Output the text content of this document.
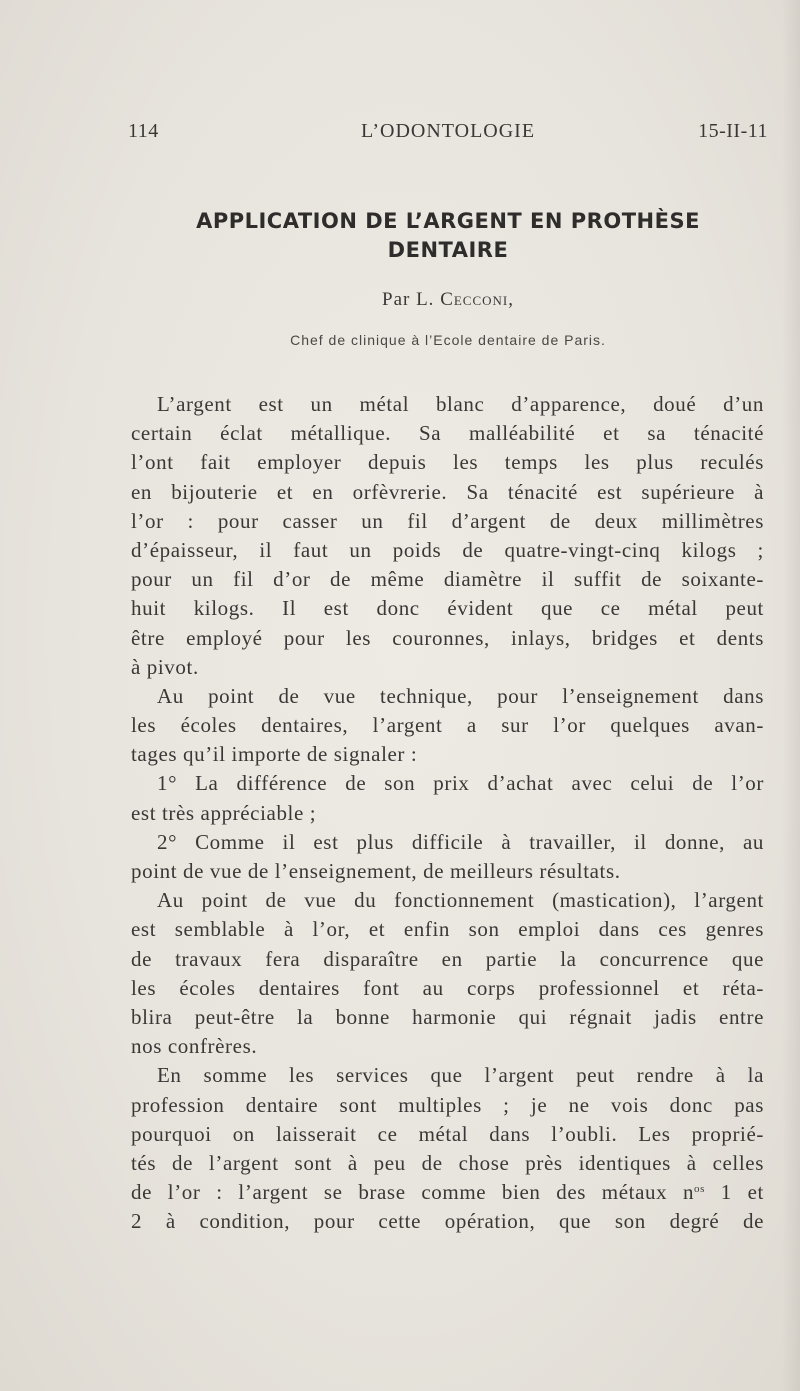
114	L’ODONTOLOGIE	15-II-11
APPLICATION DE L’ARGENT EN PROTHÈSE
DENTAIRE
Par L. Cecconi,
Chef de clinique à l’Ecole dentaire de Paris.
L’argent est un métal blanc d’apparence, doué d’un
certain éclat métallique. Sa malléabilité et sa ténacité
l’ont fait employer depuis les temps les plus reculés
en bijouterie et en orfèvrerie. Sa ténacité est supérieure à
l’or : pour casser un fil d’argent de deux millimètres
d’épaisseur, il faut un poids de quatre-vingt-cinq kilogs ;
pour un fil d’or de même diamètre il suffit de soixante-
huit kilogs. Il est donc évident que ce métal peut
être employé pour les couronnes, inlays, bridges et dents
à pivot.
Au point de vue technique, pour l’enseignement dans
les écoles dentaires, l’argent a sur l’or quelques avan-
tages qu’il importe de signaler :
1° La différence de son prix d’achat avec celui de l’or
est très appréciable ;
2° Comme il est plus difficile à travailler, il donne, au
point de vue de l’enseignement, de meilleurs résultats.
Au point de vue du fonctionnement (mastication), l’argent
est semblable à l’or, et enfin son emploi dans ces genres
de travaux fera disparaître en partie la concurrence que
les écoles dentaires font au corps professionnel et réta-
blira peut-être la bonne harmonie qui régnait jadis entre
nos confrères.
En somme les services que l’argent peut rendre à la
profession dentaire sont multiples ; je ne vois donc pas
pourquoi on laisserait ce métal dans l’oubli. Les proprié-
tés de l’argent sont à peu de chose près identiques à celles
de l’or : l’argent se brase comme bien des métaux $n^{os}$ 1 et
2 à condition, pour cette opération, que son degré de
